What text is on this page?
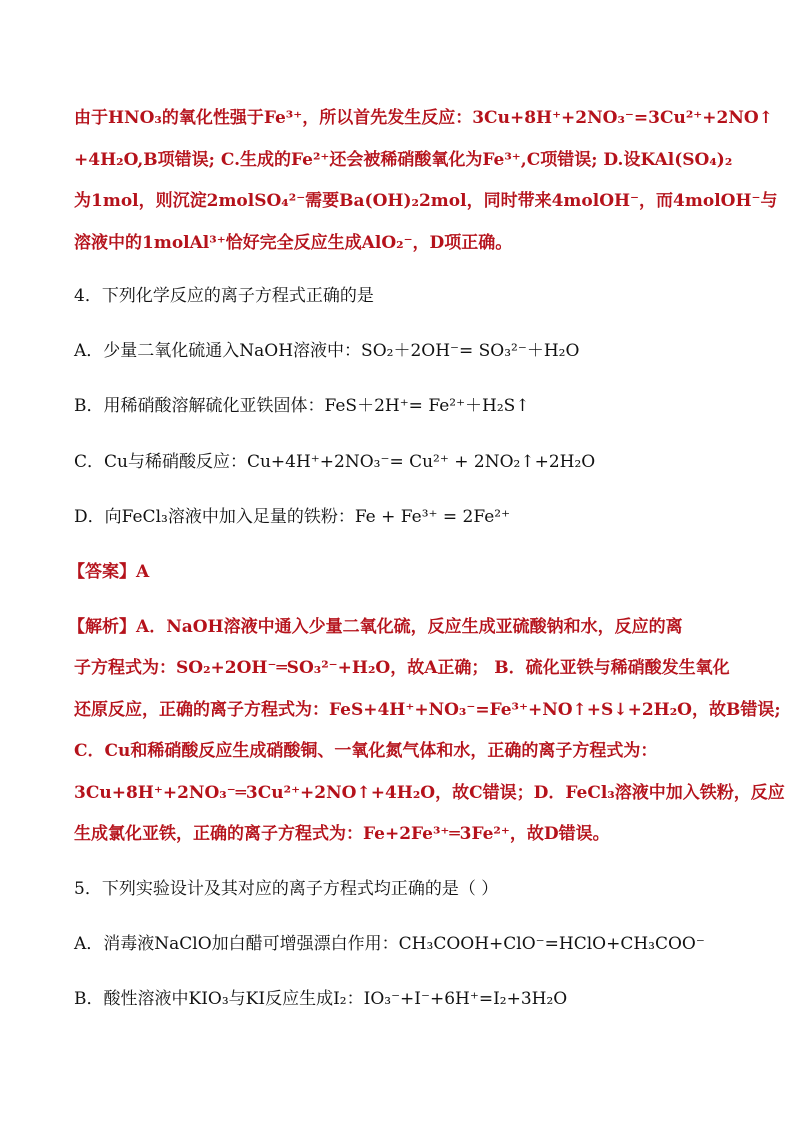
由于HNO₃的氧化性强于Fe³⁺，所以首先发生反应：3Cu+8H⁺+2NO₃⁻=3Cu²⁺+2NO↑
+4H₂O,B项错误; C.生成的Fe²⁺还会被稀硝酸氧化为Fe³⁺,C项错误; D.设KAl(SO₄)₂
为1mol，则沉淀2molSO₄²⁻需要Ba(OH)₂2mol，同时带来4molOH⁻，而4molOH⁻与
溶液中的1molAl³⁺恰好完全反应生成AlO₂⁻，D项正确。
4．下列化学反应的离子方程式正确的是
A．少量二氧化硫通入NaOH溶液中：SO₂＋2OH⁻= SO₃²⁻＋H₂O
B．用稀硝酸溶解硫化亚铁固体：FeS＋2H⁺= Fe²⁺＋H₂S↑
C．Cu与稀硝酸反应：Cu+4H⁺+2NO₃⁻= Cu²⁺ + 2NO₂↑+2H₂O
D．向FeCl₃溶液中加入足量的铁粉：Fe + Fe³⁺ = 2Fe²⁺
【答案】A
【解析】A．NaOH溶液中通入少量二氧化硫，反应生成亚硫酸钠和水，反应的离
子方程式为：SO₂+2OH⁻═SO₃²⁻+H₂O，故A正确； B．硫化亚铁与稀硝酸发生氧化
还原反应，正确的离子方程式为：FeS+4H⁺+NO₃⁻=Fe³⁺+NO↑+S↓+2H₂O，故B错误;
C．Cu和稀硝酸反应生成硝酸铜、一氧化氮气体和水，正确的离子方程式为：
3Cu+8H⁺+2NO₃⁻═3Cu²⁺+2NO↑+4H₂O，故C错误；D．FeCl₃溶液中加入铁粉，反应
生成氯化亚铁，正确的离子方程式为：Fe+2Fe³⁺═3Fe²⁺，故D错误。
5．下列实验设计及其对应的离子方程式均正确的是（ ）
A．消毒液NaClO加白醋可增强漂白作用：CH₃COOH+ClO⁻=HClO+CH₃COO⁻
B．酸性溶液中KIO₃与KI反应生成I₂：IO₃⁻+I⁻+6H⁺=I₂+3H₂O
